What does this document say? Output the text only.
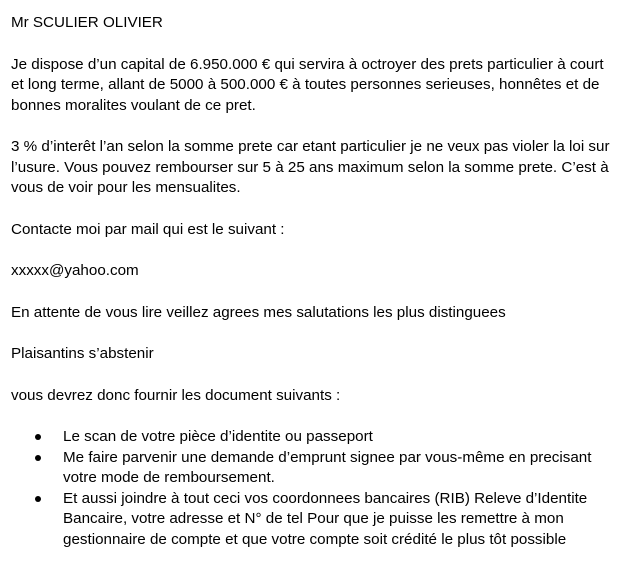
Mr SCULIER OLIVIER

Je dispose d’un capital de 6.950.000 € qui servira à octroyer des prets particulier à court et long terme, allant de 5000 à 500.000 € à toutes personnes serieuses, honnêtes et de bonnes moralites voulant de ce pret.

3 % d’interêt l’an selon la somme prete car etant particulier je ne veux pas violer la loi sur l’usure. Vous pouvez rembourser sur 5 à 25 ans maximum selon la somme prete. C’est à vous de voir pour les mensualites.

Contacte moi par mail qui est le suivant :

xxxxx@yahoo.com

En attente de vous lire veillez agrees mes salutations les plus distinguees

Plaisantins s’abstenir

vous devrez donc fournir les document suivants :

Le scan de votre pièce d’identite ou passeport
Me faire parvenir une demande d’emprunt signee par vous-même en precisant votre mode de remboursement.
Et aussi joindre à tout ceci vos coordonnees bancaires (RIB) Releve d’Identite Bancaire, votre adresse et N° de tel Pour que je puisse les remettre à mon gestionnaire de compte et que votre compte soit crédité le plus tôt possible
